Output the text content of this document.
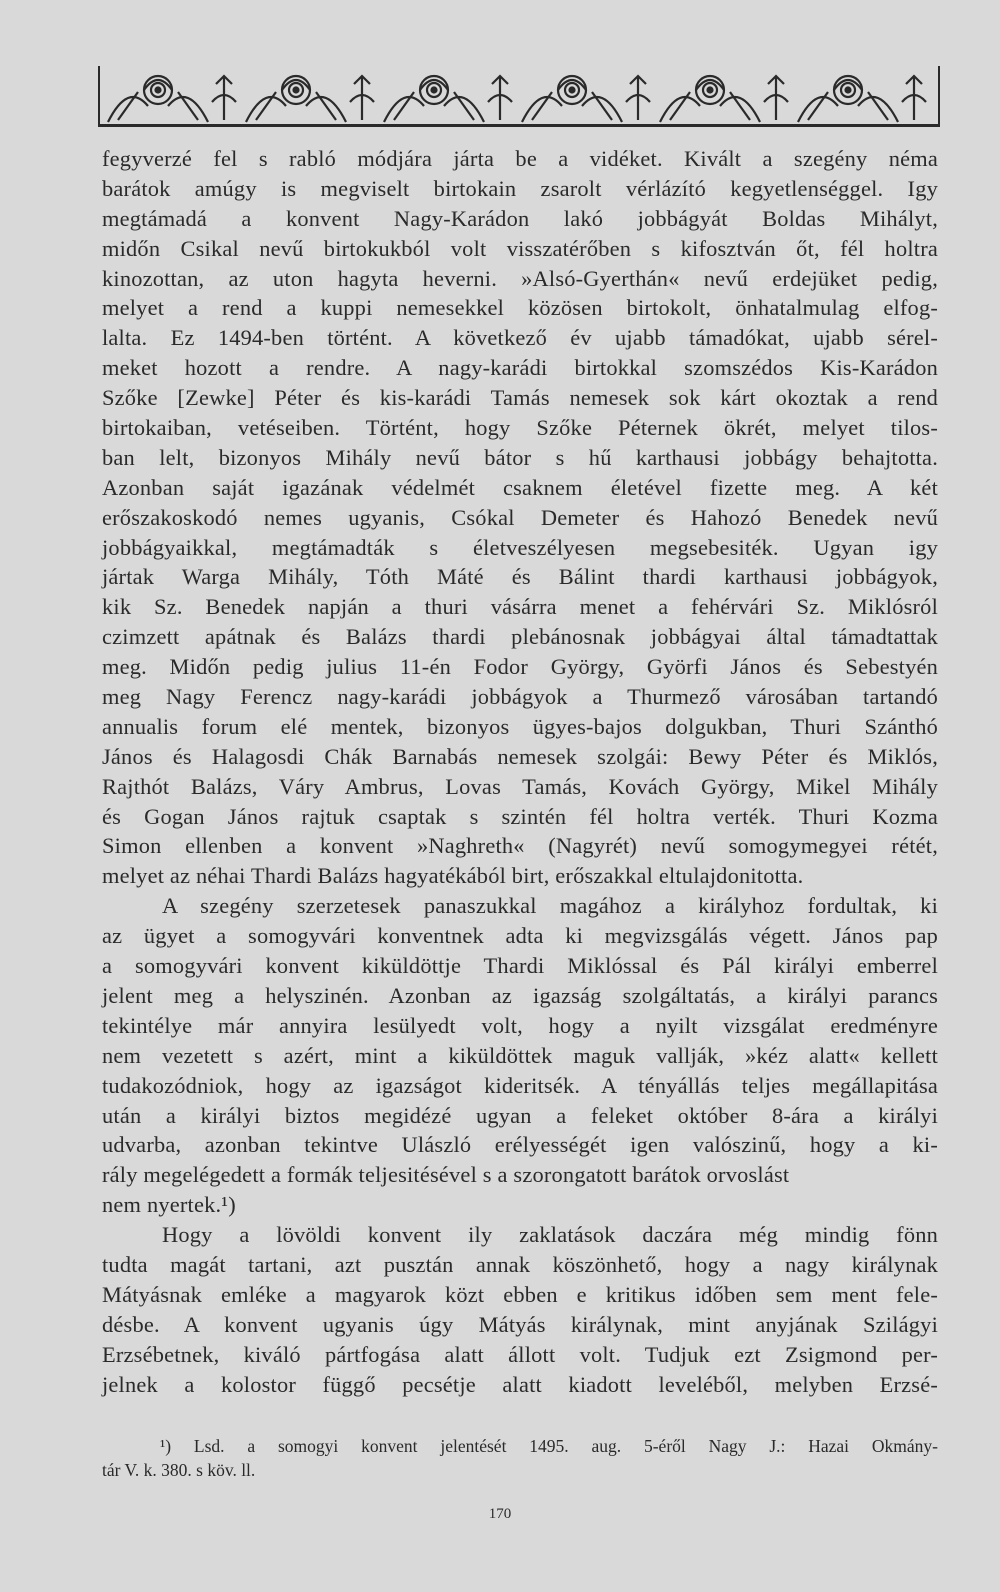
fegyverzé fel s rabló módjára járta be a vidéket. Kivált a szegény néma
barátok amúgy is megviselt birtokain zsarolt vérlázító kegyetlenséggel. Igy
megtámadá a konvent Nagy-Karádon lakó jobbágyát Boldas Mihályt,
midőn Csikal nevű birtokukból volt visszatérőben s kifosztván őt, fél holtra
kinozottan, az uton hagyta heverni. »Alsó-Gyerthán« nevű erdejüket pedig,
melyet a rend a kuppi nemesekkel közösen birtokolt, önhatalmulag elfog-
lalta. Ez 1494-ben történt. A következő év ujabb támadókat, ujabb sérel-
meket hozott a rendre. A nagy-karádi birtokkal szomszédos Kis-Karádon
Szőke [Zewke] Péter és kis-karádi Tamás nemesek sok kárt okoztak a rend
birtokaiban, vetéseiben. Történt, hogy Szőke Péternek ökrét, melyet tilos-
ban lelt, bizonyos Mihály nevű bátor s hű karthausi jobbágy behajtotta.
Azonban saját igazának védelmét csaknem életével fizette meg. A két
erőszakoskodó nemes ugyanis, Csókal Demeter és Hahozó Benedek nevű
jobbágyaikkal, megtámadták s életveszélyesen megsebesiték. Ugyan igy
jártak Warga Mihály, Tóth Máté és Bálint thardi karthausi jobbágyok,
kik Sz. Benedek napján a thuri vásárra menet a fehérvári Sz. Miklósról
czimzett apátnak és Balázs thardi plebánosnak jobbágyai által támadtattak
meg. Midőn pedig julius 11-én Fodor György, Györfi János és Sebestyén
meg Nagy Ferencz nagy-karádi jobbágyok a Thurmező városában tartandó
annualis forum elé mentek, bizonyos ügyes-bajos dolgukban, Thuri Szánthó
János és Halagosdi Chák Barnabás nemesek szolgái: Bewy Péter és Miklós,
Rajthót Balázs, Váry Ambrus, Lovas Tamás, Kovách György, Mikel Mihály
és Gogan János rajtuk csaptak s szintén fél holtra verték. Thuri Kozma
Simon ellenben a konvent »Naghreth« (Nagyrét) nevű somogymegyei rétét,
melyet az néhai Thardi Balázs hagyatékából birt, erőszakkal eltulajdonitotta.
A szegény szerzetesek panaszukkal magához a királyhoz fordultak, ki
az ügyet a somogyvári konventnek adta ki megvizsgálás végett. János pap
a somogyvári konvent kiküldöttje Thardi Miklóssal és Pál királyi emberrel
jelent meg a helyszinén. Azonban az igazság szolgáltatás, a királyi parancs
tekintélye már annyira lesülyedt volt, hogy a nyilt vizsgálat eredményre
nem vezetett s azért, mint a kiküldöttek maguk vallják, »kéz alatt« kellett
tudakozódniok, hogy az igazságot kideritsék. A tényállás teljes megállapitása
után a királyi biztos megidézé ugyan a feleket október 8-ára a királyi
udvarba, azonban tekintve Ulászló erélyességét igen valószinű, hogy a ki-
rály megelégedett a formák teljesitésével s a szorongatott barátok orvoslást
nem nyertek.¹)
Hogy a lövöldi konvent ily zaklatások daczára még mindig fönn
tudta magát tartani, azt pusztán annak köszönhető, hogy a nagy királynak
Mátyásnak emléke a magyarok közt ebben e kritikus időben sem ment fele-
désbe. A konvent ugyanis úgy Mátyás királynak, mint anyjának Szilágyi
Erzsébetnek, kiváló pártfogása alatt állott volt. Tudjuk ezt Zsigmond per-
jelnek a kolostor függő pecsétje alatt kiadott leveléből, melyben Erzsé-
¹) Lsd. a somogyi konvent jelentését 1495. aug. 5-éről Nagy J.: Hazai Okmány-
tár V. k. 380. s köv. ll.
170
